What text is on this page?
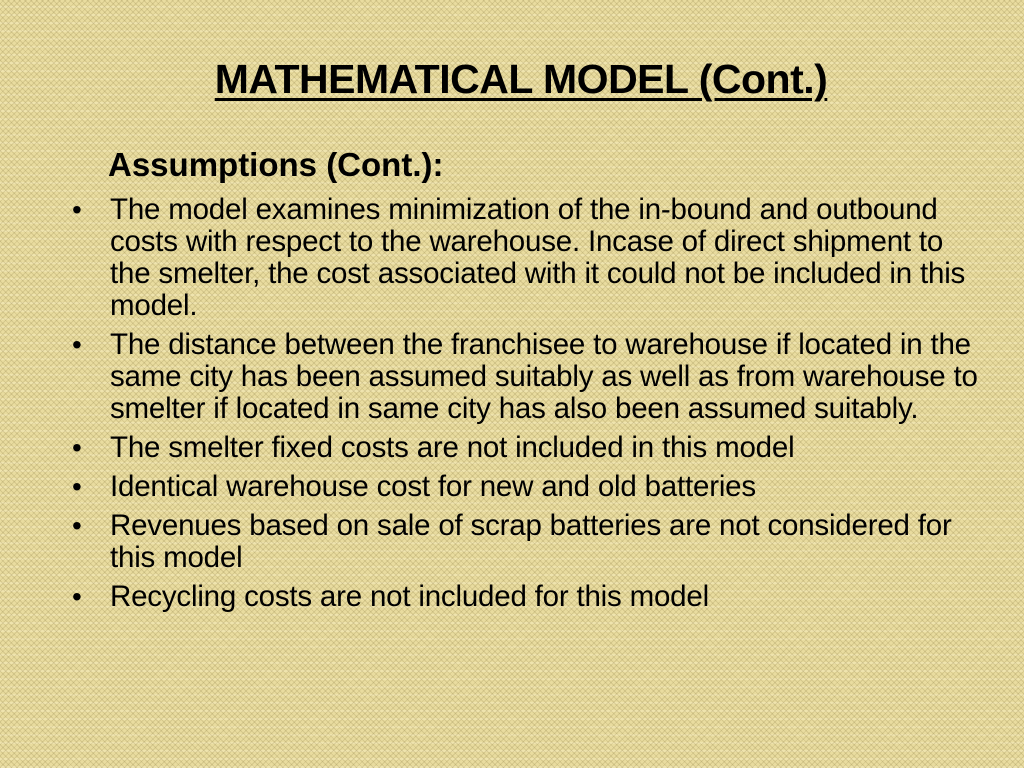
MATHEMATICAL MODEL (Cont.)
Assumptions (Cont.):
• The model examines minimization of the in-bound and outbound costs with respect to the warehouse. Incase of direct shipment to the smelter, the cost associated with it could not be included in this model.
• The distance between the franchisee to warehouse if located in the same city has been assumed suitably as well as from warehouse to smelter if located in same city has also been assumed suitably.
• The smelter fixed costs are not included in this model
• Identical warehouse cost for new and old batteries
• Revenues based on sale of scrap batteries are not considered for this model
• Recycling costs are not included for this model
